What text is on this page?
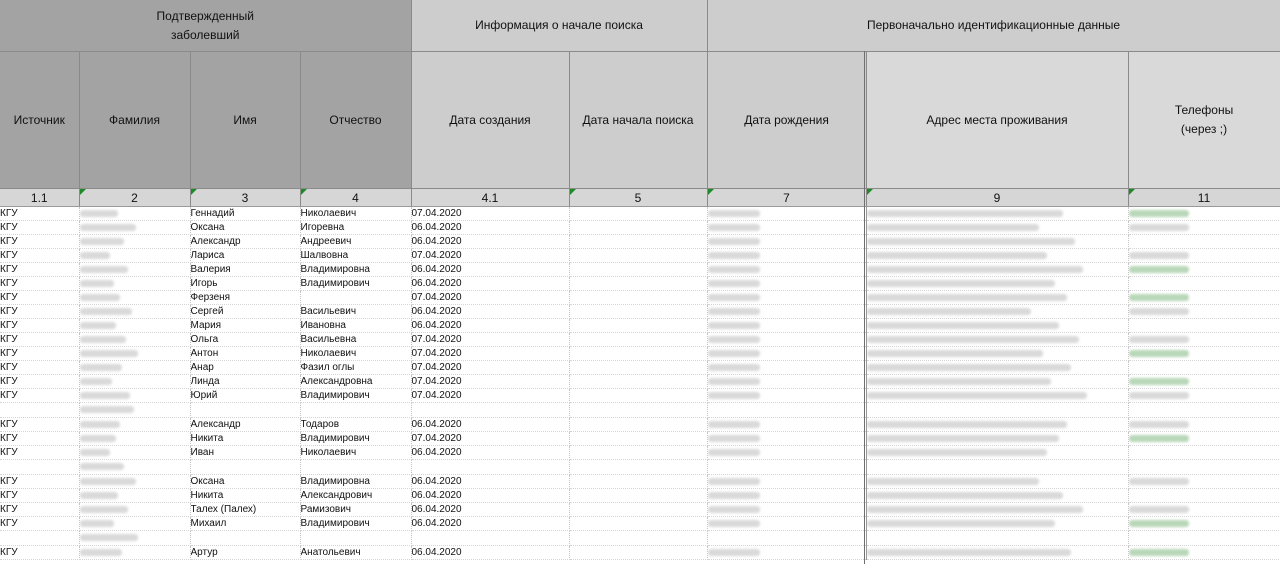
Подтвержденный заболевший				Информация о начале поиска		Первоначально идентификационные данные		
Источник	Фамилия	Имя	Отчество	Дата создания	Дата начала поиска	Дата рождения	Адрес места проживания	Телефоны (через ;)
1.1	2	3	4	4.1	5	7	9	11
КГУ		Геннадий	Николаевич	07.04.2020				
КГУ		Оксана	Игоревна	06.04.2020				
КГУ		Александр	Андреевич	06.04.2020				
КГУ		Лариса	Шалвовна	07.04.2020				
КГУ		Валерия	Владимировна	06.04.2020				
КГУ		Игорь	Владимирович	06.04.2020				
КГУ		Ферзеня		07.04.2020				
КГУ		Сергей	Васильевич	06.04.2020				
КГУ		Мария	Ивановна	06.04.2020				
КГУ		Ольга	Васильевна	07.04.2020				
КГУ		Антон	Николаевич	07.04.2020				
КГУ		Анар	Фазил оглы	07.04.2020				
КГУ		Линда	Александровна	07.04.2020				
КГУ		Юрий	Владимирович	07.04.2020				

КГУ		Александр	Тодаров	06.04.2020				
КГУ		Никита	Владимирович	07.04.2020				
КГУ		Иван	Николаевич	06.04.2020				

КГУ		Оксана	Владимировна	06.04.2020				
КГУ		Никита	Александрович	06.04.2020				
КГУ		Талех (Палех)	Рамизович	06.04.2020				
КГУ		Михаил	Владимирович	06.04.2020				

КГУ		Артур	Анатольевич	06.04.2020				
